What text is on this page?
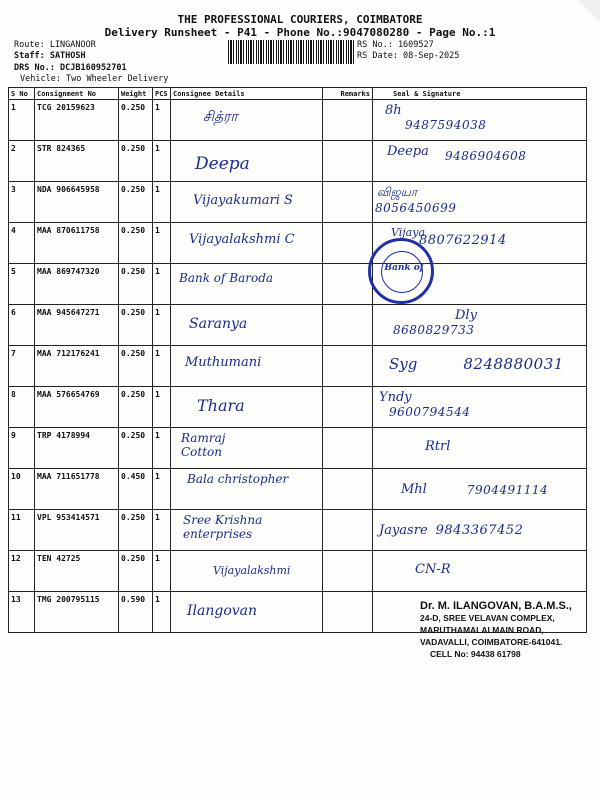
THE PROFESSIONAL COURIERS, COIMBATORE
Delivery Runsheet - P41 - Phone No.:9047080280 - Page No.:1
Route: LINGANOOR
Staff: SATHOSH
DRS No.: DCJB160952701
Vehicle: Two Wheeler Delivery
RS No.: 1609527
RS Date: 08-Sep-2025
S No	Consignment No	Weight	PCS	Consignee Details	Remarks	Seal & Signature
1	TCG 20159623	0.250	1	சித்ரா		8h
9487594038

2	STR 824365	0.250	1	Deepa		Deepa 9486904608

3	NDA 906645958	0.250	1	Vijayakumari S		விஜயா
8056450699

4	MAA 870611758	0.250	1	Vijayalakshmi C		Vijaya
8807622914

5	MAA 869747320	0.250	1	Bank of Baroda		

6	MAA 945647271	0.250	1	Saranya		Dly
8680829733

7	MAA 712176241	0.250	1	Muthumani		Syg 8248880031

8	MAA 576654769	0.250	1	Thara		Yndy
9600794544

9	TRP 4178994	0.250	1	Ramraj Cotton		Rtrl

10	MAA 711651778	0.450	1	Bala christopher		Mhl 7904491114

11	VPL 953414571	0.250	1	Sree Krishna enterprises		Jayasre 9843367452

12	TEN 42725	0.250	1	Vijayalakshmi		CN-R

13	TMG 200795115	0.590	1	Ilangovan		

Bank of
Dr. M. ILANGOVAN, B.A.M.S.,
24-D, SREE VELAVAN COMPLEX,
MARUTHAMALAI MAIN ROAD,
VADAVALLI, COIMBATORE-641041.
CELL No: 94438 61798
